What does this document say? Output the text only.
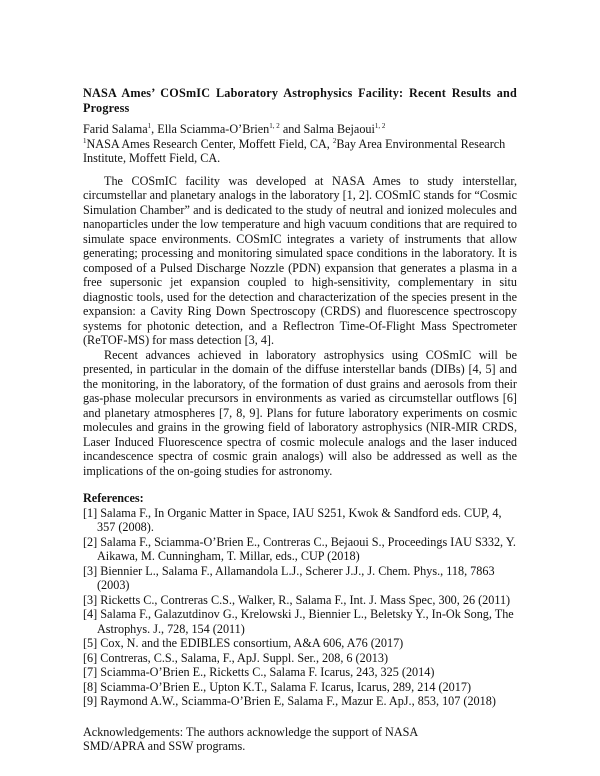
NASA Ames’ COSmIC Laboratory Astrophysics Facility: Recent Results and Progress

Farid Salama$^1$, Ella Sciamma-O’Brien$^{1, 2}$ and Salma Bejaoui$^{1, 2}$

$^1$NASA Ames Research Center, Moffett Field, CA, $^2$Bay Area Environmental Research Institute, Moffett Field, CA.

The COSmIC facility was developed at NASA Ames to study interstellar, circumstellar and planetary analogs in the laboratory [1, 2]. COSmIC stands for “Cosmic Simulation Chamber” and is dedicated to the study of neutral and ionized molecules and nanoparticles under the low temperature and high vacuum conditions that are required to simulate space environments. COSmIC integrates a variety of instruments that allow generating; processing and monitoring simulated space conditions in the laboratory. It is composed of a Pulsed Discharge Nozzle (PDN) expansion that generates a plasma in a free supersonic jet expansion coupled to high-sensitivity, complementary in situ diagnostic tools, used for the detection and characterization of the species present in the expansion: a Cavity Ring Down Spectroscopy (CRDS) and fluorescence spectroscopy systems for photonic detection, and a Reflectron Time-Of-Flight Mass Spectrometer (ReTOF-MS) for mass detection [3, 4].

Recent advances achieved in laboratory astrophysics using COSmIC will be presented, in particular in the domain of the diffuse interstellar bands (DIBs) [4, 5] and the monitoring, in the laboratory, of the formation of dust grains and aerosols from their gas-phase molecular precursors in environments as varied as circumstellar outflows [6] and planetary atmospheres [7, 8, 9]. Plans for future laboratory experiments on cosmic molecules and grains in the growing field of laboratory astrophysics (NIR-MIR CRDS, Laser Induced Fluorescence spectra of cosmic molecule analogs and the laser induced incandescence spectra of cosmic grain analogs) will also be addressed as well as the implications of the on-going studies for astronomy.

References:
[1] Salama F., In Organic Matter in Space, IAU S251, Kwok & Sandford eds. CUP, 4, 357 (2008).
[2] Salama F., Sciamma-O’Brien E., Contreras C., Bejaoui S., Proceedings IAU S332, Y. Aikawa, M. Cunningham, T. Millar, eds., CUP (2018)
[3] Biennier L., Salama F., Allamandola L.J., Scherer J.J., J. Chem. Phys., 118, 7863 (2003)
[3] Ricketts C., Contreras C.S., Walker, R., Salama F., Int. J. Mass Spec, 300, 26 (2011)
[4] Salama F., Galazutdinov G., Krelowski J., Biennier L., Beletsky Y., In-Ok Song, The Astrophys. J., 728, 154 (2011)
[5] Cox, N. and the EDIBLES consortium, A&A 606, A76 (2017)
[6] Contreras, C.S., Salama, F., ApJ. Suppl. Ser., 208, 6 (2013)
[7] Sciamma-O’Brien E., Ricketts C., Salama F. Icarus, 243, 325 (2014)
[8] Sciamma-O’Brien E., Upton K.T., Salama F. Icarus, Icarus, 289, 214 (2017)
[9] Raymond A.W., Sciamma-O’Brien E, Salama F., Mazur E. ApJ., 853, 107 (2018)

Acknowledgements: The authors acknowledge the support of NASA SMD/APRA and SSW programs.
